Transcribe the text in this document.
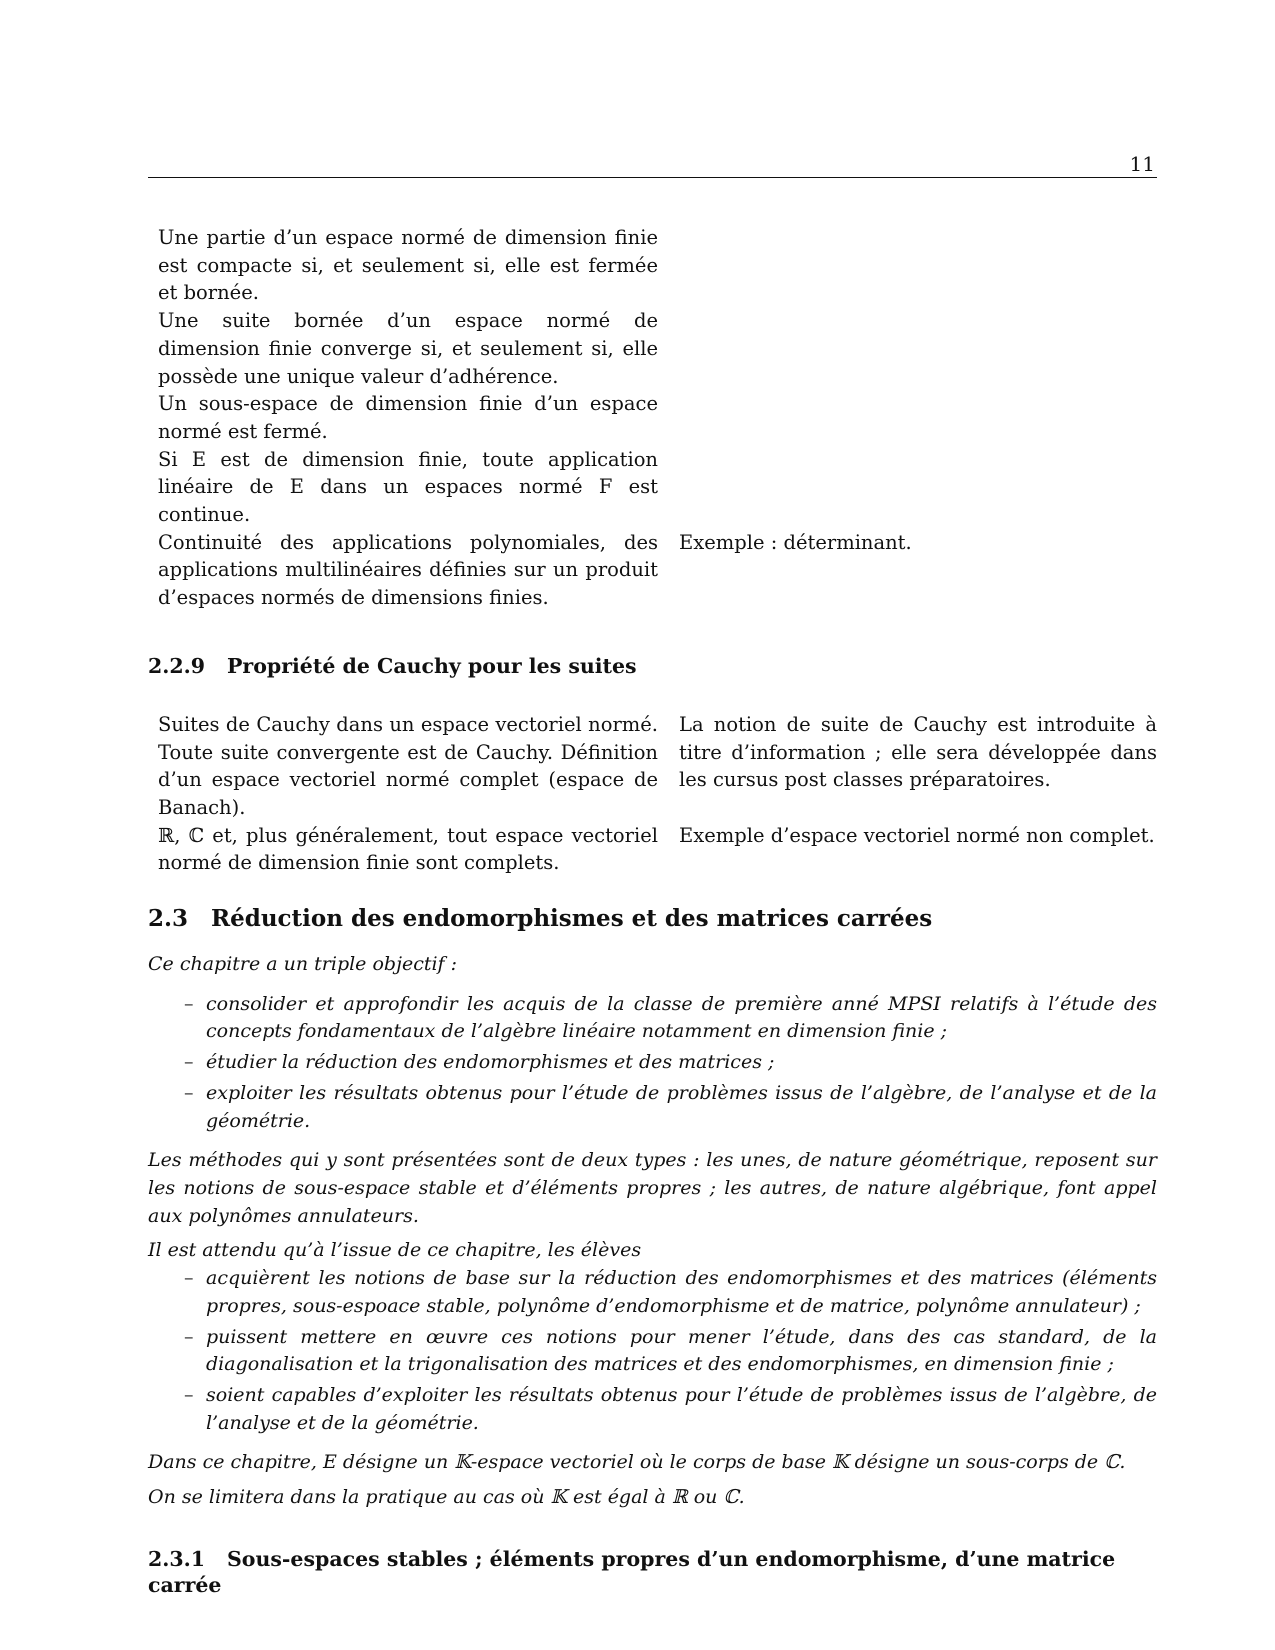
11

Une partie d’un espace normé de dimension finie est compacte si, et seulement si, elle est fermée et bornée.

Une suite bornée d’un espace normé de dimension finie converge si, et seulement si, elle possède une unique valeur d’adhérence.

Un sous-espace de dimension finie d’un espace normé est fermé.

Si E est de dimension finie, toute application linéaire de E dans un espaces normé F est continue.

Continuité des applications polynomiales, des applications multilinéaires définies sur un produit d’espaces normés de dimensions finies.

Exemple : déterminant.

2.2.9 Propriété de Cauchy pour les suites

Suites de Cauchy dans un espace vectoriel normé. Toute suite convergente est de Cauchy. Définition d’un espace vectoriel normé complet (espace de Banach).

La notion de suite de Cauchy est introduite à titre d’information ; elle sera développée dans les cursus post classes préparatoires.

ℝ, ℂ et, plus généralement, tout espace vectoriel normé de dimension finie sont complets.

Exemple d’espace vectoriel normé non complet.

2.3 Réduction des endomorphismes et des matrices carrées

Ce chapitre a un triple objectif :

– consolider et approfondir les acquis de la classe de première anné MPSI relatifs à l’étude des concepts fondamentaux de l’algèbre linéaire notamment en dimension finie ;
– étudier la réduction des endomorphismes et des matrices ;
– exploiter les résultats obtenus pour l’étude de problèmes issus de l’algèbre, de l’analyse et de la géométrie.

Les méthodes qui y sont présentées sont de deux types : les unes, de nature géométrique, reposent sur les notions de sous-espace stable et d’éléments propres ; les autres, de nature algébrique, font appel aux polynômes annulateurs.

Il est attendu qu’à l’issue de ce chapitre, les élèves

– acquièrent les notions de base sur la réduction des endomorphismes et des matrices (éléments propres, sous-espoace stable, polynôme d’endomorphisme et de matrice, polynôme annulateur) ;
– puissent mettere en œuvre ces notions pour mener l’étude, dans des cas standard, de la diagonalisation et la trigonalisation des matrices et des endomorphismes, en dimension finie ;
– soient capables d’exploiter les résultats obtenus pour l’étude de problèmes issus de l’algèbre, de l’analyse et de la géométrie.

Dans ce chapitre, E désigne un 𝕂-espace vectoriel où le corps de base 𝕂 désigne un sous-corps de ℂ.

On se limitera dans la pratique au cas où 𝕂 est égal à ℝ ou ℂ.

2.3.1 Sous-espaces stables ; éléments propres d’un endomorphisme, d’une matrice carrée
